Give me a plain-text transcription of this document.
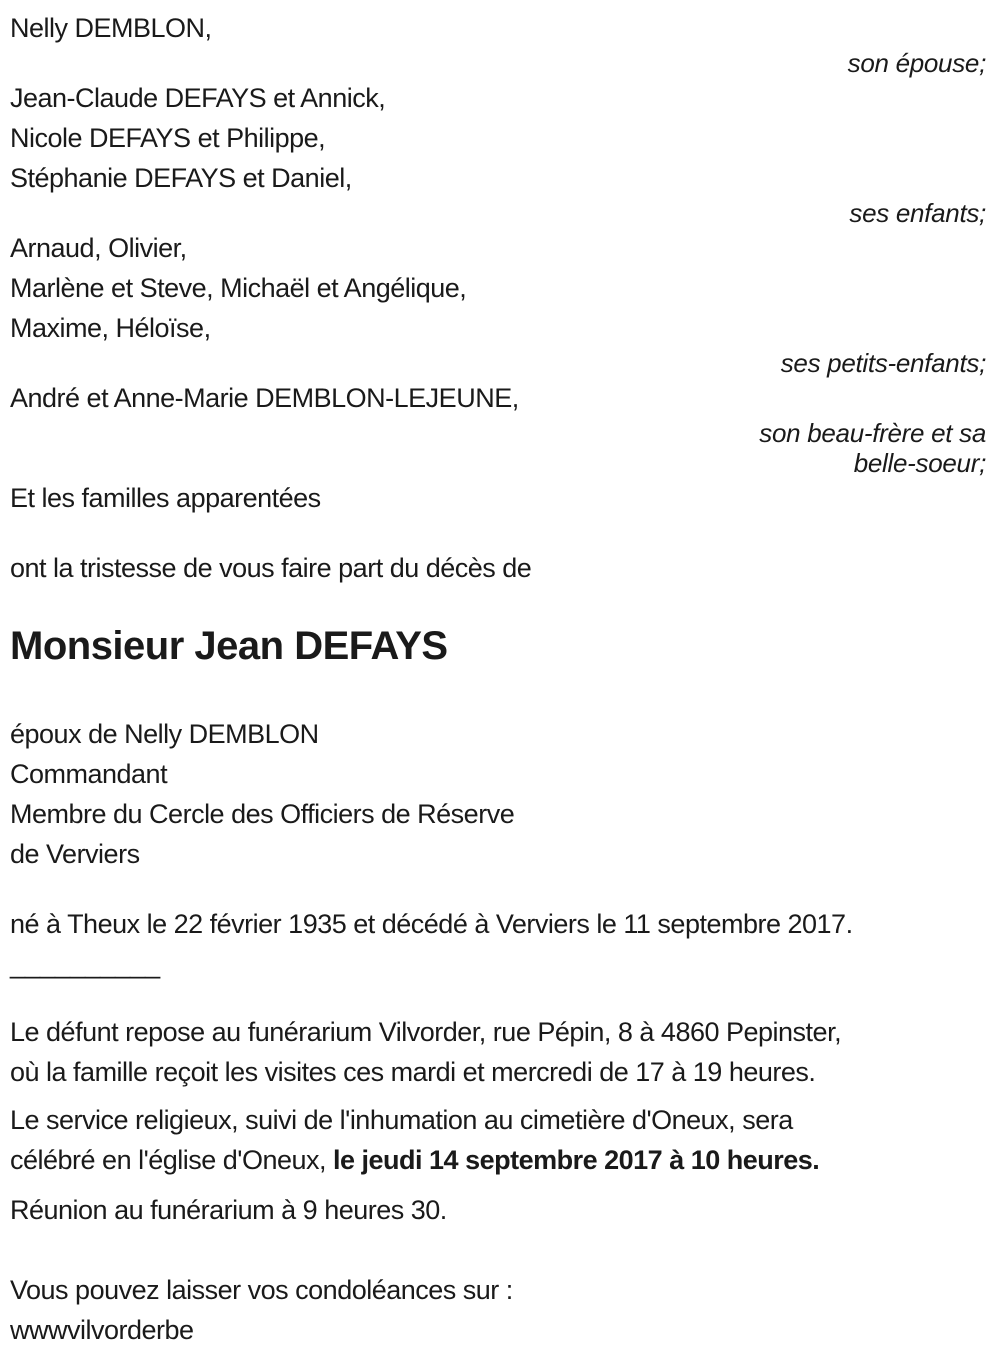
Nelly DEMBLON,
son épouse;
Jean-Claude DEFAYS et Annick,
Nicole DEFAYS et Philippe,
Stéphanie DEFAYS et Daniel,
ses enfants;
Arnaud, Olivier,
Marlène et Steve, Michaël et Angélique,
Maxime, Héloïse,
ses petits-enfants;
André et Anne-Marie DEMBLON-LEJEUNE,
son beau-frère et sa
belle-soeur;
Et les familles apparentées
ont la tristesse de vous faire part du décès de
Monsieur Jean DEFAYS
époux de Nelly DEMBLON
Commandant
Membre du Cercle des Officiers de Réserve
de Verviers
né à Theux le 22 février 1935 et décédé à Verviers le 11 septembre 2017.
__________
Le défunt repose au funérarium Vilvorder, rue Pépin, 8 à 4860 Pepinster,
où la famille reçoit les visites ces mardi et mercredi de 17 à 19 heures.
Le service religieux, suivi de l'inhumation au cimetière d'Oneux, sera
célébré en l'église d'Oneux, le jeudi 14 septembre 2017 à 10 heures.
Réunion au funérarium à 9 heures 30.
Vous pouvez laisser vos condoléances sur :
wwwvilvorderbe
